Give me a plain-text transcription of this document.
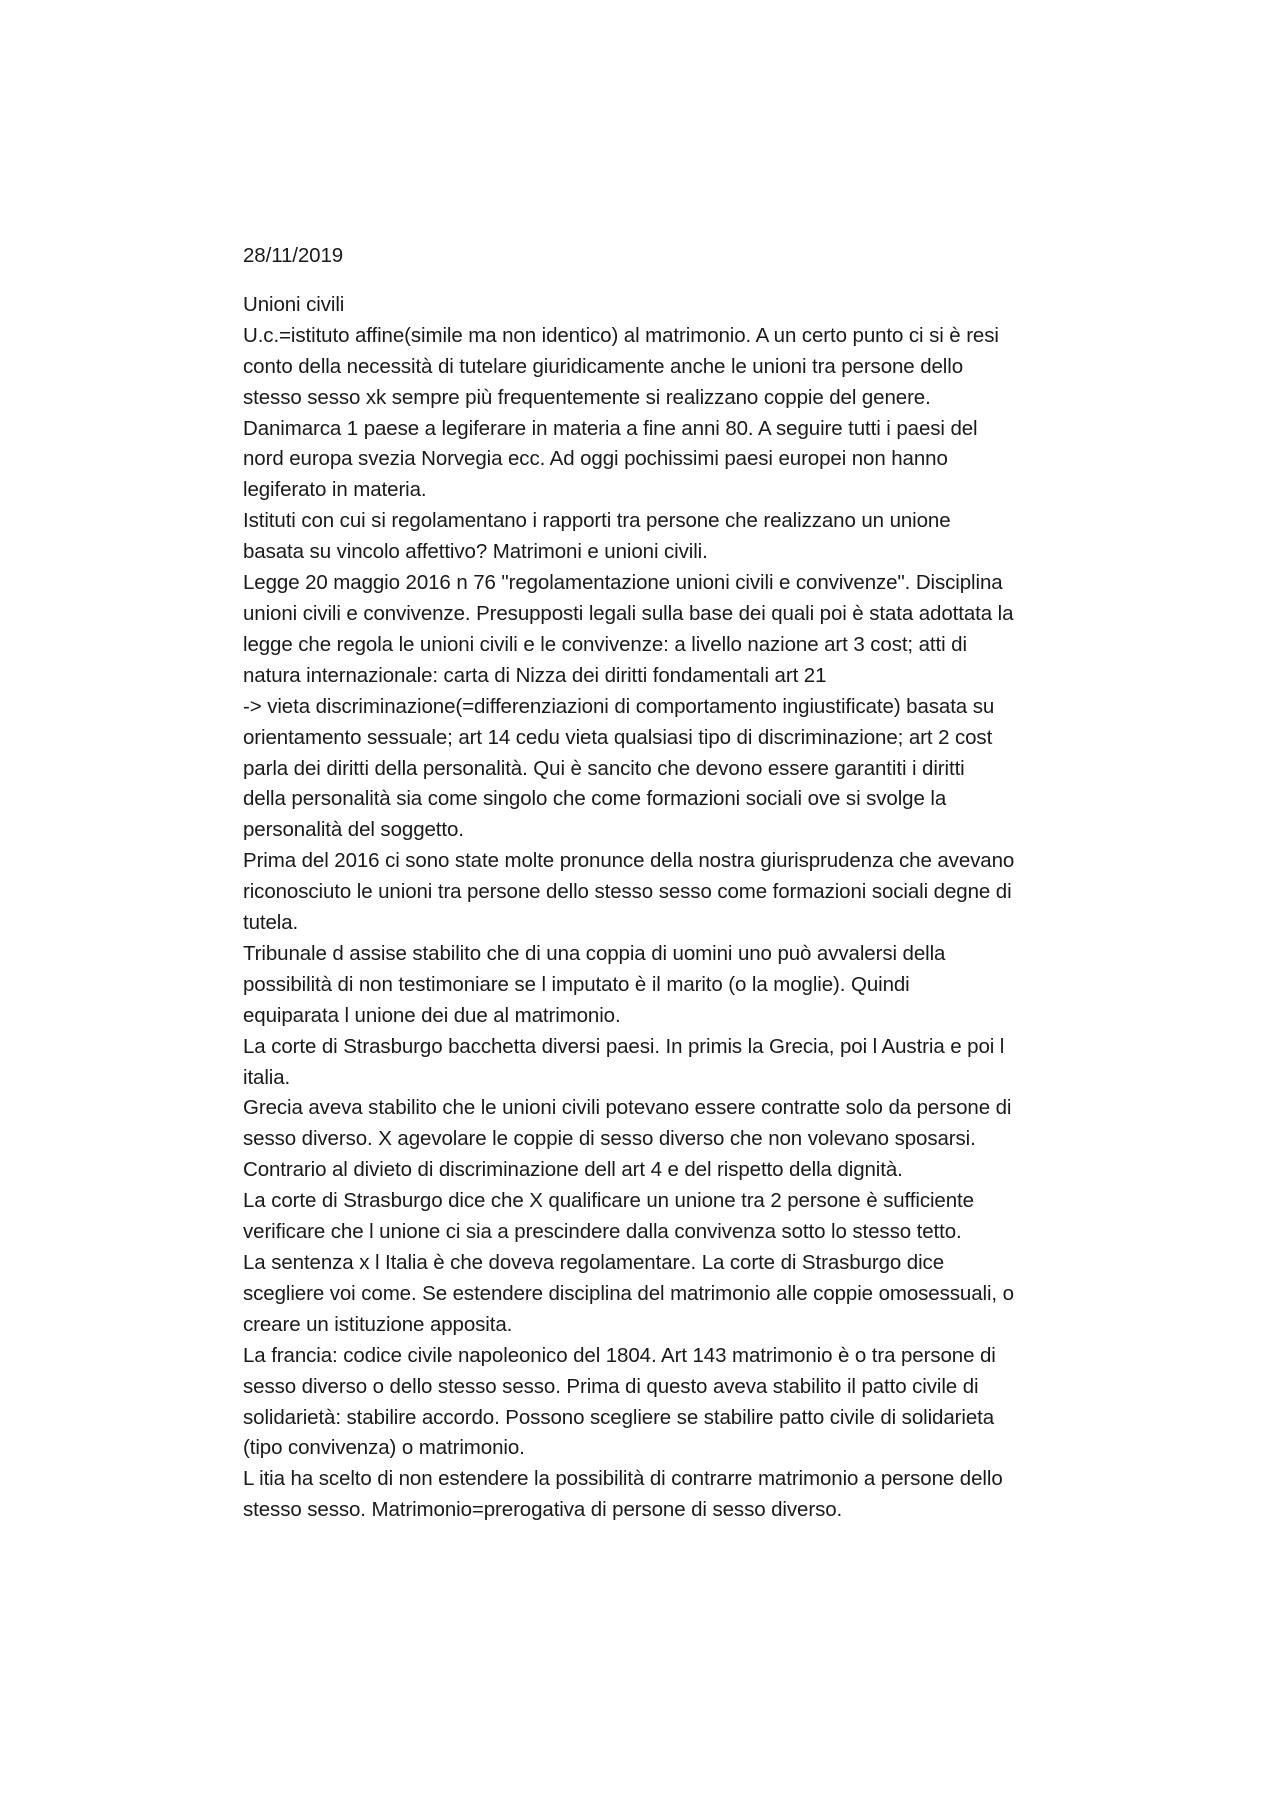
28/11/2019

Unioni civili

U.c.=istituto affine(simile ma non identico) al matrimonio. A un certo punto ci si è resi

conto della necessità di tutelare giuridicamente anche le unioni tra persone dello

stesso sesso xk sempre più frequentemente si realizzano coppie del genere.

Danimarca 1 paese a legiferare in materia a fine anni 80. A seguire tutti i paesi del

nord europa svezia Norvegia ecc. Ad oggi pochissimi paesi europei non hanno

legiferato in materia.

Istituti con cui si regolamentano i rapporti tra persone che realizzano un unione

basata su vincolo affettivo? Matrimoni e unioni civili.

Legge 20 maggio 2016 n 76 "regolamentazione unioni civili e convivenze". Disciplina

unioni civili e convivenze. Presupposti legali sulla base dei quali poi è stata adottata la

legge che regola le unioni civili e le convivenze: a livello nazione art 3 cost; atti di

natura internazionale: carta di Nizza dei diritti fondamentali art 21

-> vieta discriminazione(=differenziazioni di comportamento ingiustificate) basata su

orientamento sessuale; art 14 cedu vieta qualsiasi tipo di discriminazione; art 2 cost

parla dei diritti della personalità. Qui è sancito che devono essere garantiti i diritti

della personalità sia come singolo che come formazioni sociali ove si svolge la

personalità del soggetto.

Prima del 2016 ci sono state molte pronunce della nostra giurisprudenza che avevano

riconosciuto le unioni tra persone dello stesso sesso come formazioni sociali degne di

tutela.

Tribunale d assise stabilito che di una coppia di uomini uno può avvalersi della

possibilità di non testimoniare se l imputato è il marito (o la moglie). Quindi

equiparata l unione dei due al matrimonio.

La corte di Strasburgo bacchetta diversi paesi. In primis la Grecia, poi l Austria e poi l

italia.

Grecia aveva stabilito che le unioni civili potevano essere contratte solo da persone di

sesso diverso. X agevolare le coppie di sesso diverso che non volevano sposarsi.

Contrario al divieto di discriminazione dell art 4 e del rispetto della dignità.

La corte di Strasburgo dice che X qualificare un unione tra 2 persone è sufficiente

verificare che l unione ci sia a prescindere dalla convivenza sotto lo stesso tetto.

La sentenza x l Italia è che doveva regolamentare. La corte di Strasburgo dice

scegliere voi come. Se estendere disciplina del matrimonio alle coppie omosessuali, o

creare un istituzione apposita.

La francia: codice civile napoleonico del 1804. Art 143 matrimonio è o tra persone di

sesso diverso o dello stesso sesso. Prima di questo aveva stabilito il patto civile di

solidarietà: stabilire accordo. Possono scegliere se stabilire patto civile di solidarieta

(tipo convivenza) o matrimonio.

L itia ha scelto di non estendere la possibilità di contrarre matrimonio a persone dello

stesso sesso. Matrimonio=prerogativa di persone di sesso diverso.
